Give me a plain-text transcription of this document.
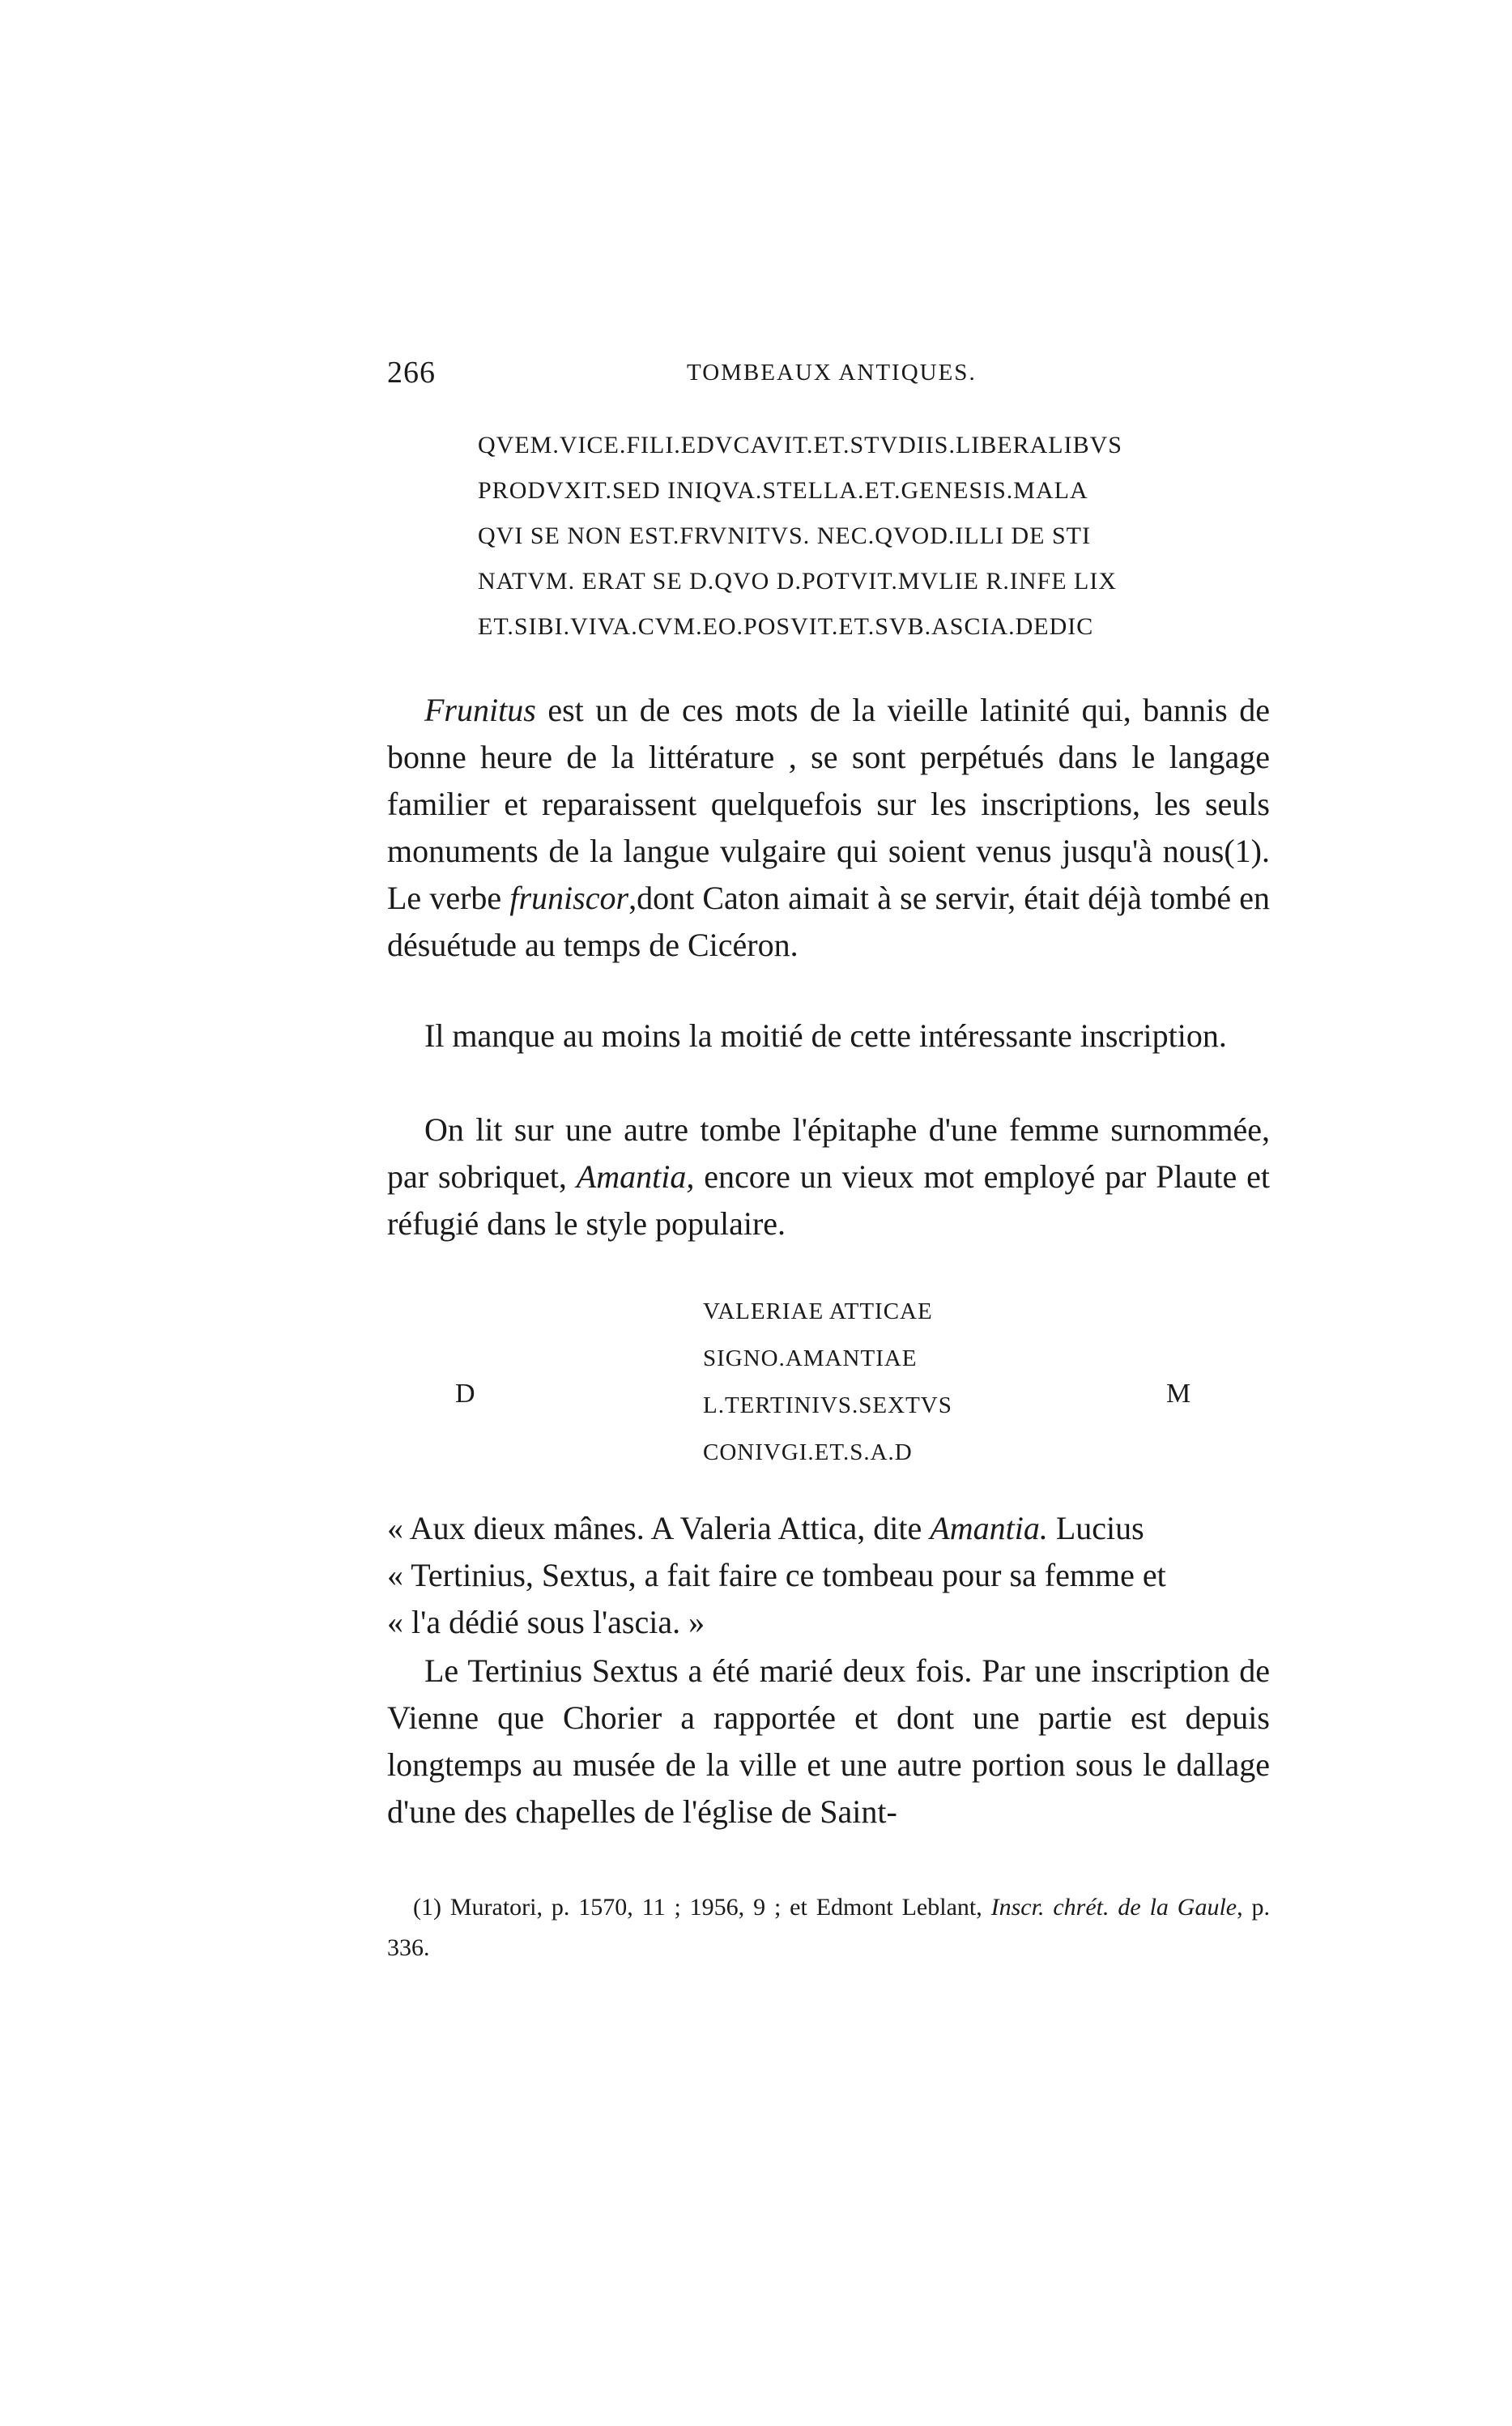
266	TOMBEAUX ANTIQUES.
QVEM.VICE.FILI.EDVCAVIT.ET.STVDIIS.LIBERALIBVS
PRODVXIT.SED INIQVA.STELLA.ET.GENESIS.MALA
QVI SE NON EST.FRVNITVS. NEC.QVOD.ILLI DE STI
NATVM. ERAT SE D.QVO D.POTVIT.MVLIE R.INFE LIX
ET.SIBI.VIVA.CVM.EO.POSVIT.ET.SVB.ASCIA.DEDIC

Frunitus est un de ces mots de la vieille latinité qui, bannis de bonne heure de la littérature , se sont perpétués dans le langage familier et reparaissent quelquefois sur les inscriptions, les seuls monuments de la langue vulgaire qui soient venus jusqu'à nous(1). Le verbe fruniscor,dont Caton aimait à se servir, était déjà tombé en désuétude au temps de Cicéron.

Il manque au moins la moitié de cette intéressante inscription.

On lit sur une autre tombe l'épitaphe d'une femme surnommée, par sobriquet, Amantia, encore un vieux mot employé par Plaute et réfugié dans le style populaire.

D
VALERIAE ATTICAE
SIGNO.AMANTIAE
L.TERTINIVS.SEXTVS
CONIVGI.ET.S.A.D
M
« Aux dieux mânes. A Valeria Attica, dite Amantia. Lucius
« Tertinius, Sextus, a fait faire ce tombeau pour sa femme et
« l'a dédié sous l'ascia. »

Le Tertinius Sextus a été marié deux fois. Par une inscription de Vienne que Chorier a rapportée et dont une partie est depuis longtemps au musée de la ville et une autre portion sous le dallage d'une des chapelles de l'église de Saint-

(1) Muratori, p. 1570, 11 ; 1956, 9 ; et Edmont Leblant, Inscr. chrét. de la Gaule, p. 336.
